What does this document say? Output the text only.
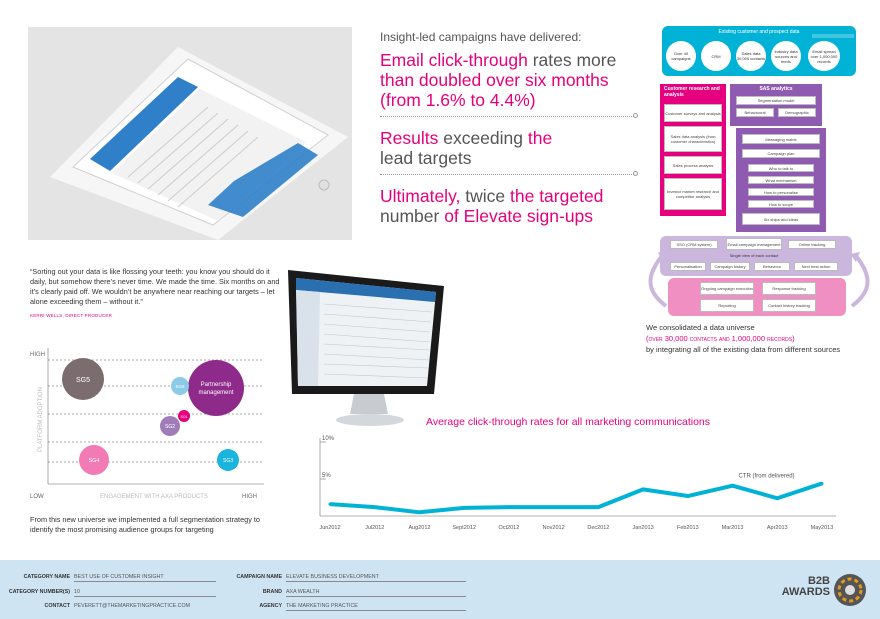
Insight-led campaigns have delivered:
Email click-through rates more than doubled over six months (from 1.6% to 4.4%)
Results exceeding the lead targets
Ultimately, twice the targeted number of Elevate sign-ups
Existing customer and prospect data
Over 40 campaigns	CRM	Sales data 30,000 contacts
Industry data sources and feeds
Email spread over 1,000,000 records
Customer research and analysis
Customer surveys and analysis
Sales data analysis (from customer characteristics)
Sales process analysis
Investor market research and competitor analysis
SAS analytics
Segmentation model
Behavioural	Demographic
Messaging matrix
Campaign plan
Who to talk to
What mechanism
How to personalise
How to scope
Six ships and ideas
SSO (CRM system)	Email campaign management	Online tracking
Single view of each contact
Personalisation	Campaign history	Behaviour	Next best action
Ongoing campaign execution	Response tracking
Reporting	Contact history tracking
We consolidated a data universe
(over 30,000 contacts and 1,000,000 records)
by integrating all of the existing data from different sources
“Sorting out your data is like flossing your teeth: you know you should do it daily, but somehow there’s never time. We made the time. Six months on and it’s clearly paid off. We wouldn’t be anywhere near reaching our targets – let alone exceeding them – without it.”
KERRI WELLS, DIRECT PRODUCER
HIGH
LOW	HIGH
ENGAGEMENT WITH AXA PRODUCTS
PLATFORM ADOPTION
SG5
Partnership
management
SG6
SG1
SG2
SG4	SG3
From this new universe we implemented a full segmentation strategy to identify the most promising audience groups for targeting
Average click-through rates for all marketing communications
10%
5%
Jun2012	Jul2012	Aug2012	Sept2012	Oct2012	Nov2012	Dec2012	Jan2013	Feb2013	Mar2013	Apr2013	May2013
CTR (from delivered)
CATEGORY NAME BEST USE OF CUSTOMER INSIGHT
CATEGORY NUMBER(S) 10
CONTACT PEVERETT@THEMARKETINGPRACTICE.COM
CAMPAIGN NAME ELEVATE BUSINESS DEVELOPMENT
BRAND AXA WEALTH
AGENCY THE MARKETING PRACTICE
B2B
AWARDS
